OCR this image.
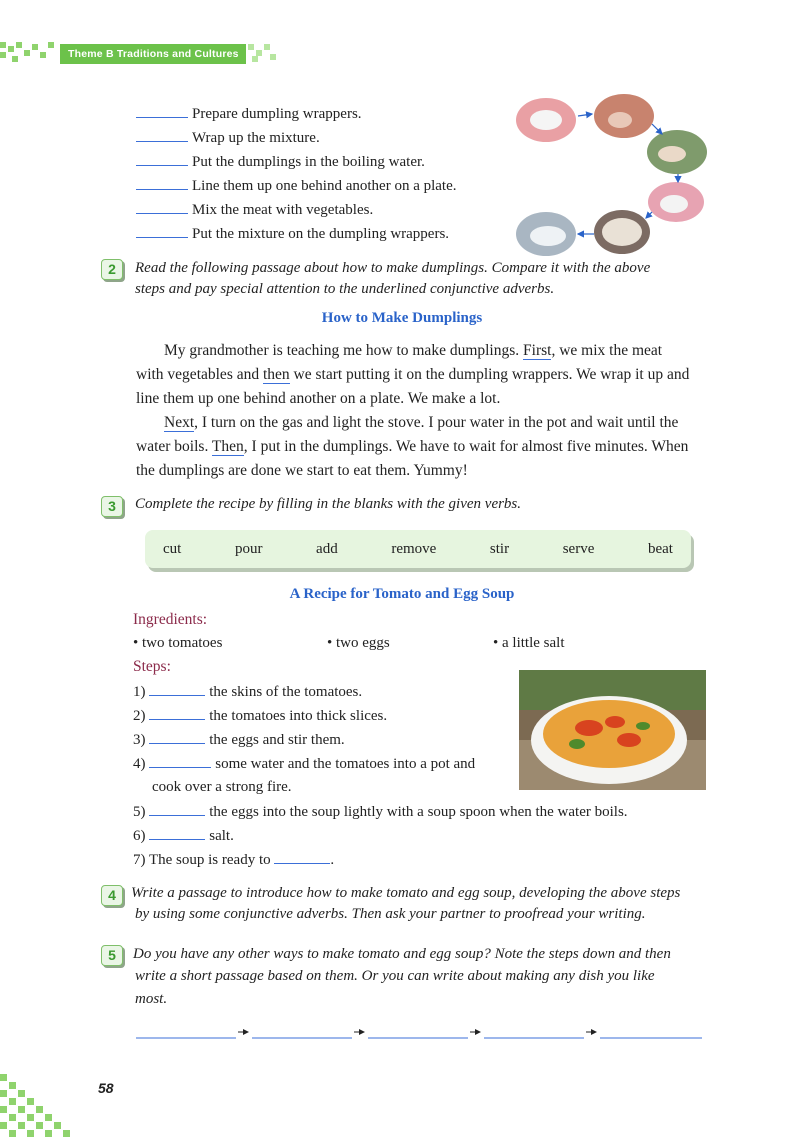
Theme B Traditions and Cultures
Prepare dumpling wrappers.
Wrap up the mixture.
Put the dumplings in the boiling water.
Line them up one behind another on a plate.
Mix the meat with vegetables.
Put the mixture on the dumpling wrappers.
2	Read the following passage about how to make dumplings. Compare it with the above
steps and pay special attention to the underlined conjunctive adverbs.
How to Make Dumplings
My grandmother is teaching me how to make dumplings. First, we mix the meat
with vegetables and then we start putting it on the dumpling wrappers. We wrap it up and
line them up one behind another on a plate. We make a lot.
Next, I turn on the gas and light the stove. I pour water in the pot and wait until the
water boils. Then, I put in the dumplings. We have to wait for almost five minutes. When
the dumplings are done we start to eat them. Yummy!
3	Complete the recipe by filling in the blanks with the given verbs.
cut	pour	add	remove	stir	serve	beat
A Recipe for Tomato and Egg Soup
Ingredients:
• two tomatoes	• two eggs	• a little salt
Steps:
1)	the skins of the tomatoes.
2)	the tomatoes into thick slices.
3)	the eggs and stir them.
4)	some water and the tomatoes into a pot and
cook over a strong fire.
5)	the eggs into the soup lightly with a soup spoon when the water boils.
6)	salt.
7) The soup is ready to	.
4	Write a passage to introduce how to make tomato and egg soup, developing the above steps
by using some conjunctive adverbs. Then ask your partner to proofread your writing.
5	Do you have any other ways to make tomato and egg soup? Note the steps down and then
write a short passage based on them. Or you can write about making any dish you like
most.
58
